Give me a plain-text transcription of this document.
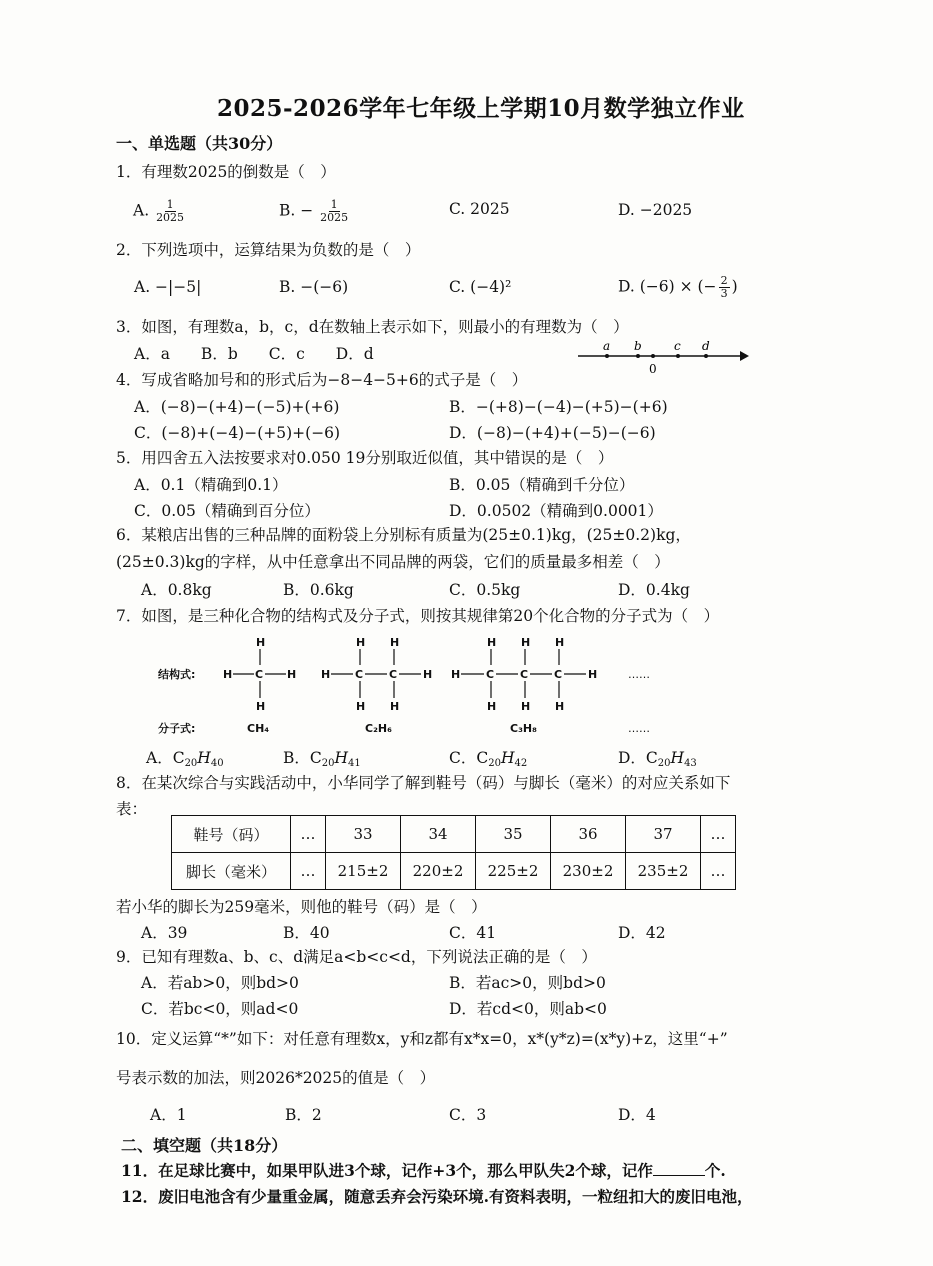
2025-2026学年七年级上学期10月数学独立作业
一、单选题（共30分）
1．有理数2025的倒数是（　）
A. $\frac{1}{2025}$	B. − $\frac{1}{2025}$	C. 2025	D. −2025
2．下列选项中，运算结果为负数的是（　）
A. −|−5|	B. −(−6)	C. (−4)²	D. (−6) × (− $\frac{2}{3}$ )
3．如图，有理数a，b，c，d在数轴上表示如下，则最小的有理数为（　）
A．a　　B．b　　C．c　　D．d	a b	c d
0
4．写成省略加号和的形式后为−8−4−5+6的式子是（　）
A．(−8)−(+4)−(−5)+(+6)	B．−(+8)−(−4)−(+5)−(+6)
C．(−8)+(−4)−(+5)+(−6)	D．(−8)−(+4)+(−5)−(−6)
5．用四舍五入法按要求对0.050 19分别取近似值，其中错误的是（　）
A．0.1（精确到0.1）	B．0.05（精确到千分位）
C．0.05（精确到百分位）	D．0.0502（精确到0.0001）
6．某粮店出售的三种品牌的面粉袋上分别标有质量为(25±0.1)kg，(25±0.2)kg，
(25±0.3)kg的字样，从中任意拿出不同品牌的两袋，它们的质量最多相差（　）
A．0.8kg	B．0.6kg	C．0.5kg	D．0.4kg
7．如图，是三种化合物的结构式及分子式，则按其规律第20个化合物的分子式为（　）
结构式:	H C H
H
H
H C C H
H
H
H
H
H C C C H
H
H
H
H
H
H
……
分子式:	CH₄	C₂H₆	C₃H₈	……
A．$C_{20}H_{40}$	B．$C_{20}H_{41}$	C．$C_{20}H_{42}$	D．$C_{20}H_{43}$
8．在某次综合与实践活动中，小华同学了解到鞋号（码）与脚长（毫米）的对应关系如下
表：
鞋号（码）	…	33	34	35	36	37	…
脚长（毫米）	…	215±2	220±2	225±2	230±2	235±2	…
若小华的脚长为259毫米，则他的鞋号（码）是（　）
A．39	B．40	C．41	D．42
9．已知有理数a、b、c、d满足a<b<c<d，下列说法正确的是（　）
A．若ab>0，则bd>0	B．若ac>0，则bd>0
C．若bc<0，则ad<0	D．若cd<0，则ab<0
10．定义运算“*”如下：对任意有理数x，y和z都有x*x=0，x*(y*z)=(x*y)+z，这里“+”
号表示数的加法，则2026*2025的值是（　）
A．1	B．2	C．3	D．4
二、填空题（共18分）
11．在足球比赛中，如果甲队进3个球，记作+3个，那么甲队失2个球，记作	个.
12．废旧电池含有少量重金属，随意丢弃会污染环境.有资料表明，一粒纽扣大的废旧电池，
